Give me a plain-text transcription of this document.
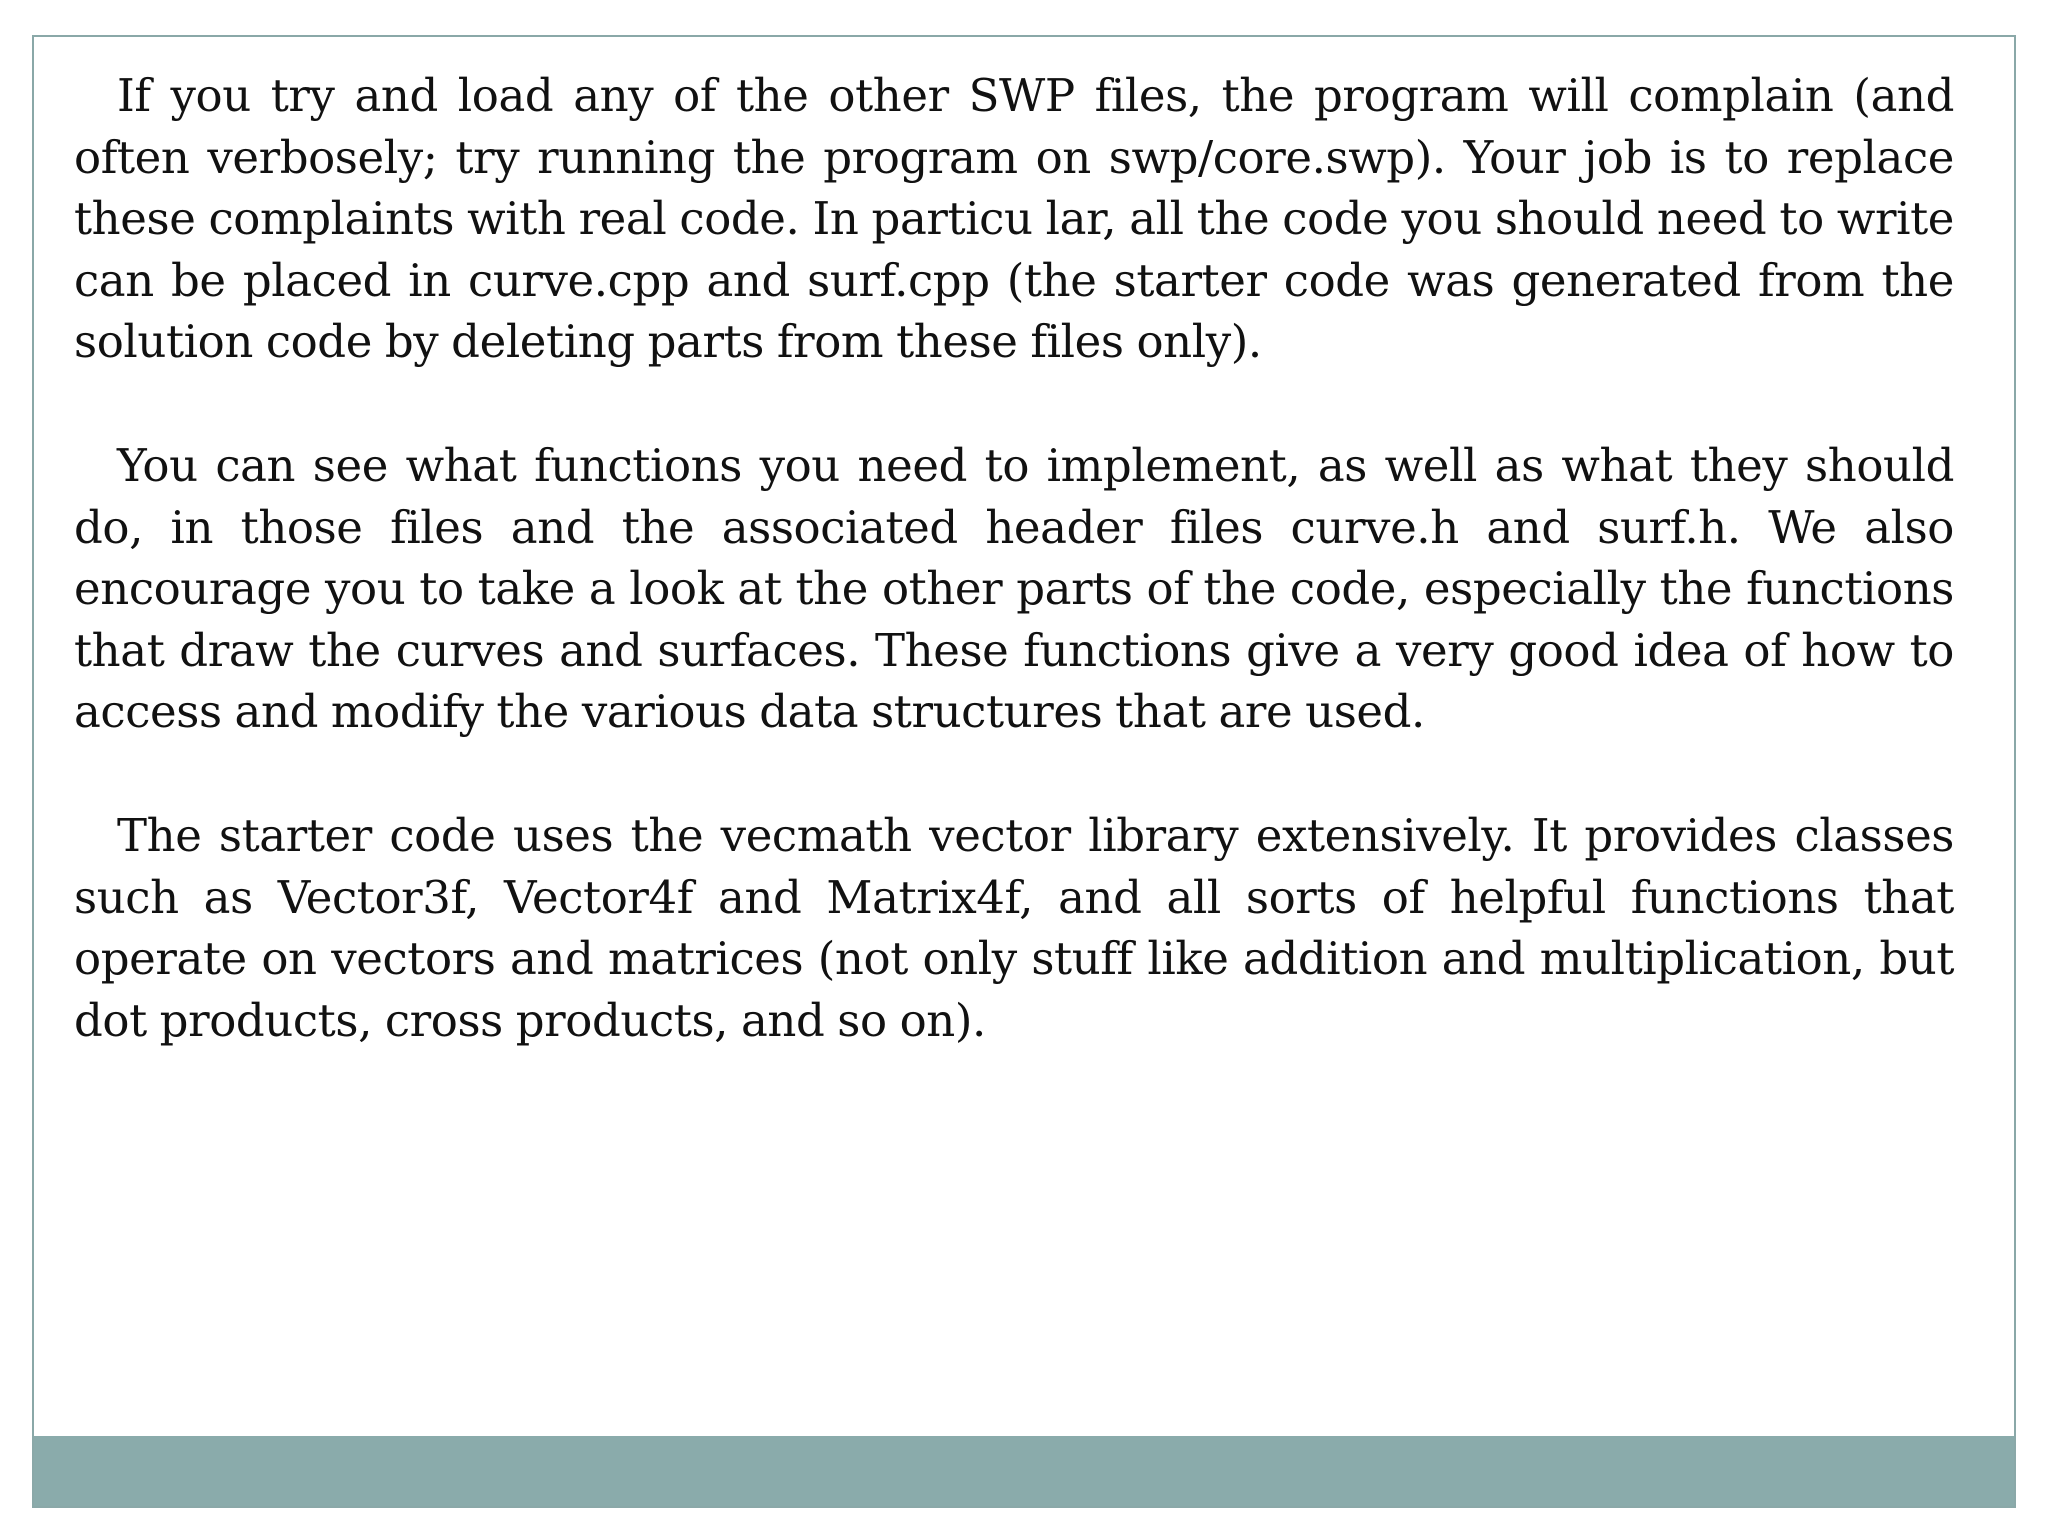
If you try and load any of the other SWP files, the program will complain (and often verbosely; try running the program on swp/core.swp). Your job is to replace these complaints with real code. In particu lar, all the code you should need to write can be placed in curve.cpp and surf.cpp (the starter code was generated from the solution code by deleting parts from these files only).

You can see what functions you need to implement, as well as what they should do, in those files and the associated header files curve.h and surf.h. We also encourage you to take a look at the other parts of the code, especially the functions that draw the curves and surfaces. These functions give a very good idea of how to access and modify the various data structures that are used.

The starter code uses the vecmath vector library extensively. It provides classes such as Vector3f, Vector4f and Matrix4f, and all sorts of helpful functions that operate on vectors and matrices (not only stuff like addition and multiplication, but dot products, cross products, and so on).
